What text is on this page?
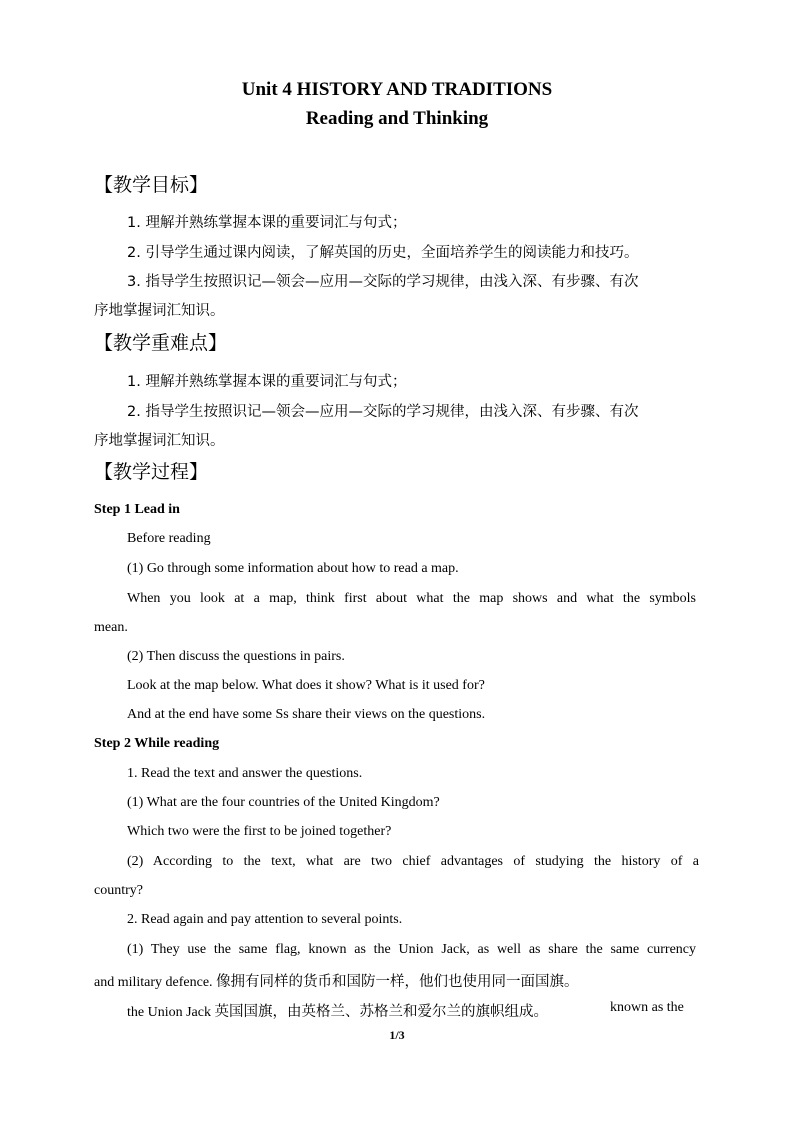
Unit 4 HISTORY AND TRADITIONS
Reading and Thinking
【教学目标】
1. 理解并熟练掌握本课的重要词汇与句式；
2. 引导学生通过课内阅读，了解英国的历史，全面培养学生的阅读能力和技巧。
3. 指导学生按照识记—领会—应用—交际的学习规律，由浅入深、有步骤、有次
序地掌握词汇知识。
【教学重难点】
1. 理解并熟练掌握本课的重要词汇与句式；
2. 指导学生按照识记—领会—应用—交际的学习规律，由浅入深、有步骤、有次
序地掌握词汇知识。
【教学过程】
Step 1 Lead in
Before reading
(1) Go through some information about how to read a map.
When you look at a map, think first about what the map shows and what the symbols
mean.
(2) Then discuss the questions in pairs.
Look at the map below. What does it show? What is it used for?
And at the end have some Ss share their views on the questions.
Step 2 While reading
1. Read the text and answer the questions.
(1) What are the four countries of the United Kingdom?
Which two were the first to be joined together?
(2) According to the text, what are two chief advantages of studying the history of a
country?
2. Read again and pay attention to several points.
(1) They use the same flag, known as the Union Jack, as well as share the same currency
and military defence. 像拥有同样的货币和国防一样，他们也使用同一面国旗。
the Union Jack 英国国旗，由英格兰、苏格兰和爱尔兰的旗帜组成。	known as the
1/3
